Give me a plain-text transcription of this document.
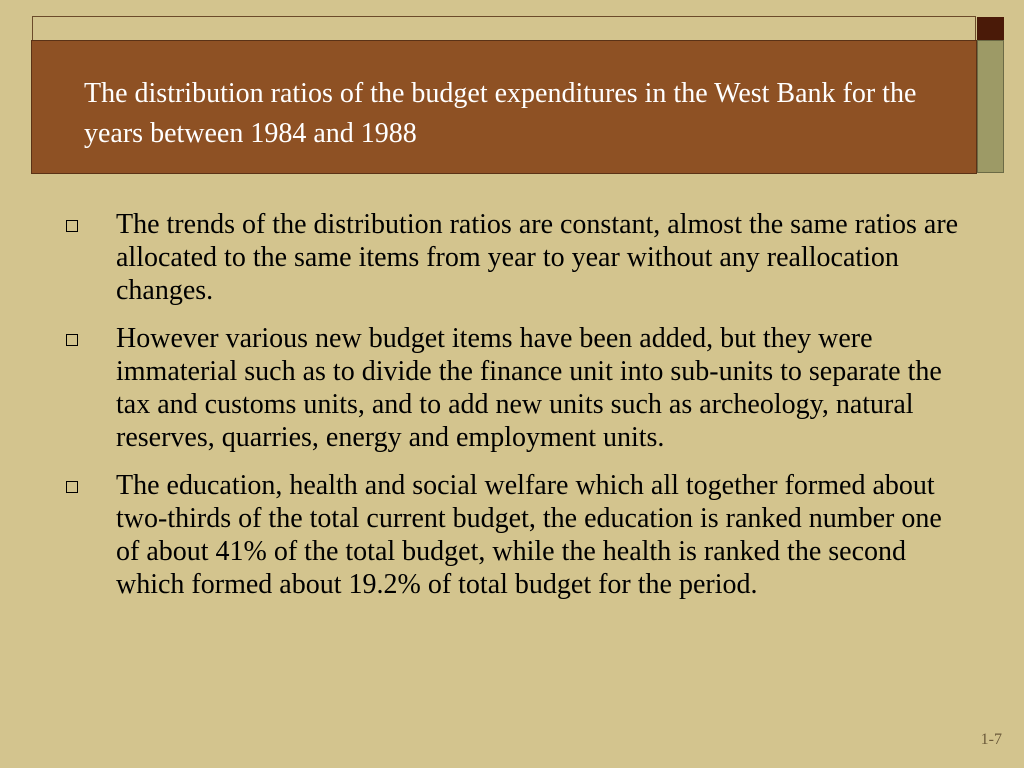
The distribution ratios of the budget expenditures in the West Bank for the years between 1984 and 1988
The trends of the distribution ratios are constant, almost the same ratios are allocated to the same items from year to year without any reallocation changes.
However various new budget items have been added, but they were immaterial such as to divide the finance unit into sub-units to separate the tax and customs units, and to add new units such as archeology, natural reserves, quarries, energy and employment units.
The education, health and social welfare which all together formed about two-thirds of the total current budget, the education is ranked number one of about 41% of the total budget, while the health is ranked the second which formed about 19.2% of total budget for the period.
1-7
